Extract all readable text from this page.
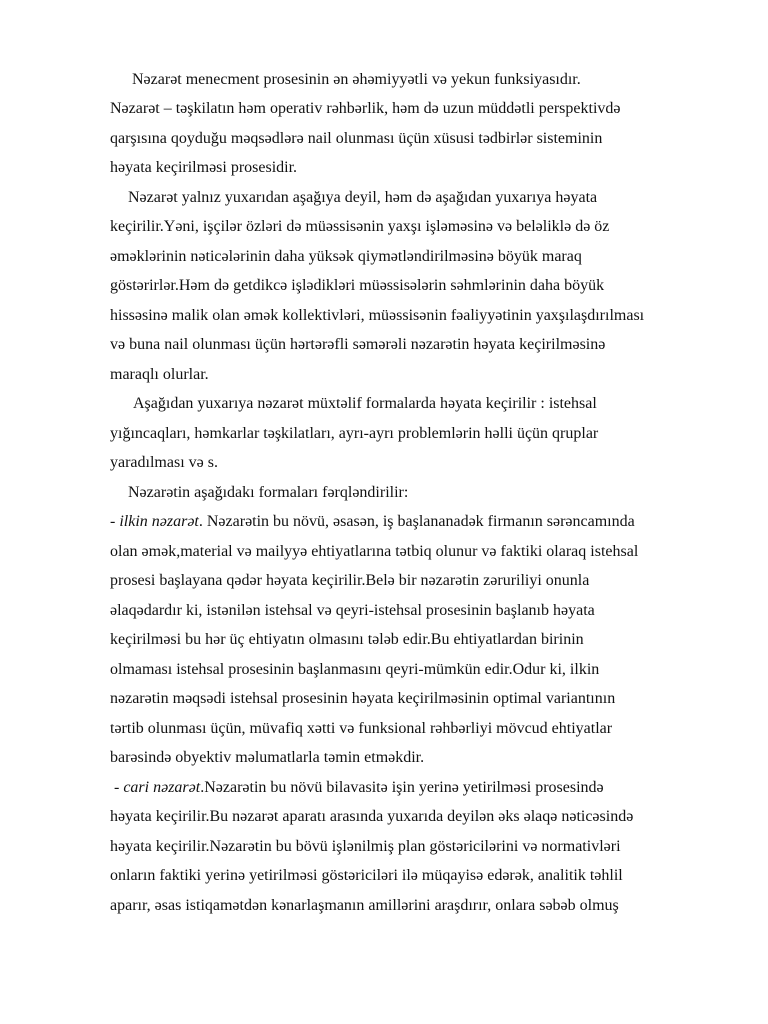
Nəzarət menecment prosesinin ən əhəmiyyətli və yekun funksiyasıdır.
Nəzarət – təşkilatın həm operativ rəhbərlik, həm də uzun müddətli perspektivdə
qarşısına qoyduğu məqsədlərə nail olunması üçün xüsusi tədbirlər sisteminin
həyata keçirilməsi prosesidir.
Nəzarət yalnız yuxarıdan aşağıya deyil, həm də aşağıdan yuxarıya həyata
keçirilir.Yəni, işçilər özləri də müəssisənin yaxşı işləməsinə və beləliklə də öz
əməklərinin nəticələrinin daha yüksək qiymətləndirilməsinə böyük maraq
göstərirlər.Həm də getdikcə işlədikləri müəssisələrin səhmlərinin daha böyük
hissəsinə malik olan əmək kollektivləri, müəssisənin fəaliyyətinin yaxşılaşdırılması
və buna nail olunması üçün hərtərəfli səmərəli nəzarətin həyata keçirilməsinə
maraqlı olurlar.
Aşağıdan yuxarıya nəzarət müxtəlif formalarda həyata keçirilir : istehsal
yığıncaqları, həmkarlar təşkilatları, ayrı-ayrı problemlərin həlli üçün qruplar
yaradılması və s.
Nəzarətin aşağıdakı formaları fərqləndirilir:
- ilkin nəzarət. Nəzarətin bu növü, əsasən, iş başlananadək firmanın sərəncamında
olan əmək,material və mailyyə ehtiyatlarına tətbiq olunur və faktiki olaraq istehsal
prosesi başlayana qədər həyata keçirilir.Belə bir nəzarətin zəruriliyi onunla
əlaqədardır ki, istənilən istehsal və qeyri-istehsal prosesinin başlanıb həyata
keçirilməsi bu hər üç ehtiyatın olmasını tələb edir.Bu ehtiyatlardan birinin
olmaması istehsal prosesinin başlanmasını qeyri-mümkün edir.Odur ki, ilkin
nəzarətin məqsədi istehsal prosesinin həyata keçirilməsinin optimal variantının
tərtib olunması üçün, müvafiq xətti və funksional rəhbərliyi mövcud ehtiyatlar
barəsində obyektiv məlumatlarla təmin etməkdir.
- cari nəzarət.Nəzarətin bu növü bilavasitə işin yerinə yetirilməsi prosesində
həyata keçirilir.Bu nəzarət aparatı arasında yuxarıda deyilən əks əlaqə nəticəsində
həyata keçirilir.Nəzarətin bu bövü işlənilmiş plan göstəricilərini və normativləri
onların faktiki yerinə yetirilməsi göstəriciləri ilə müqayisə edərək, analitik təhlil
aparır, əsas istiqamətdən kənarlaşmanın amillərini araşdırır, onlara səbəb olmuş
